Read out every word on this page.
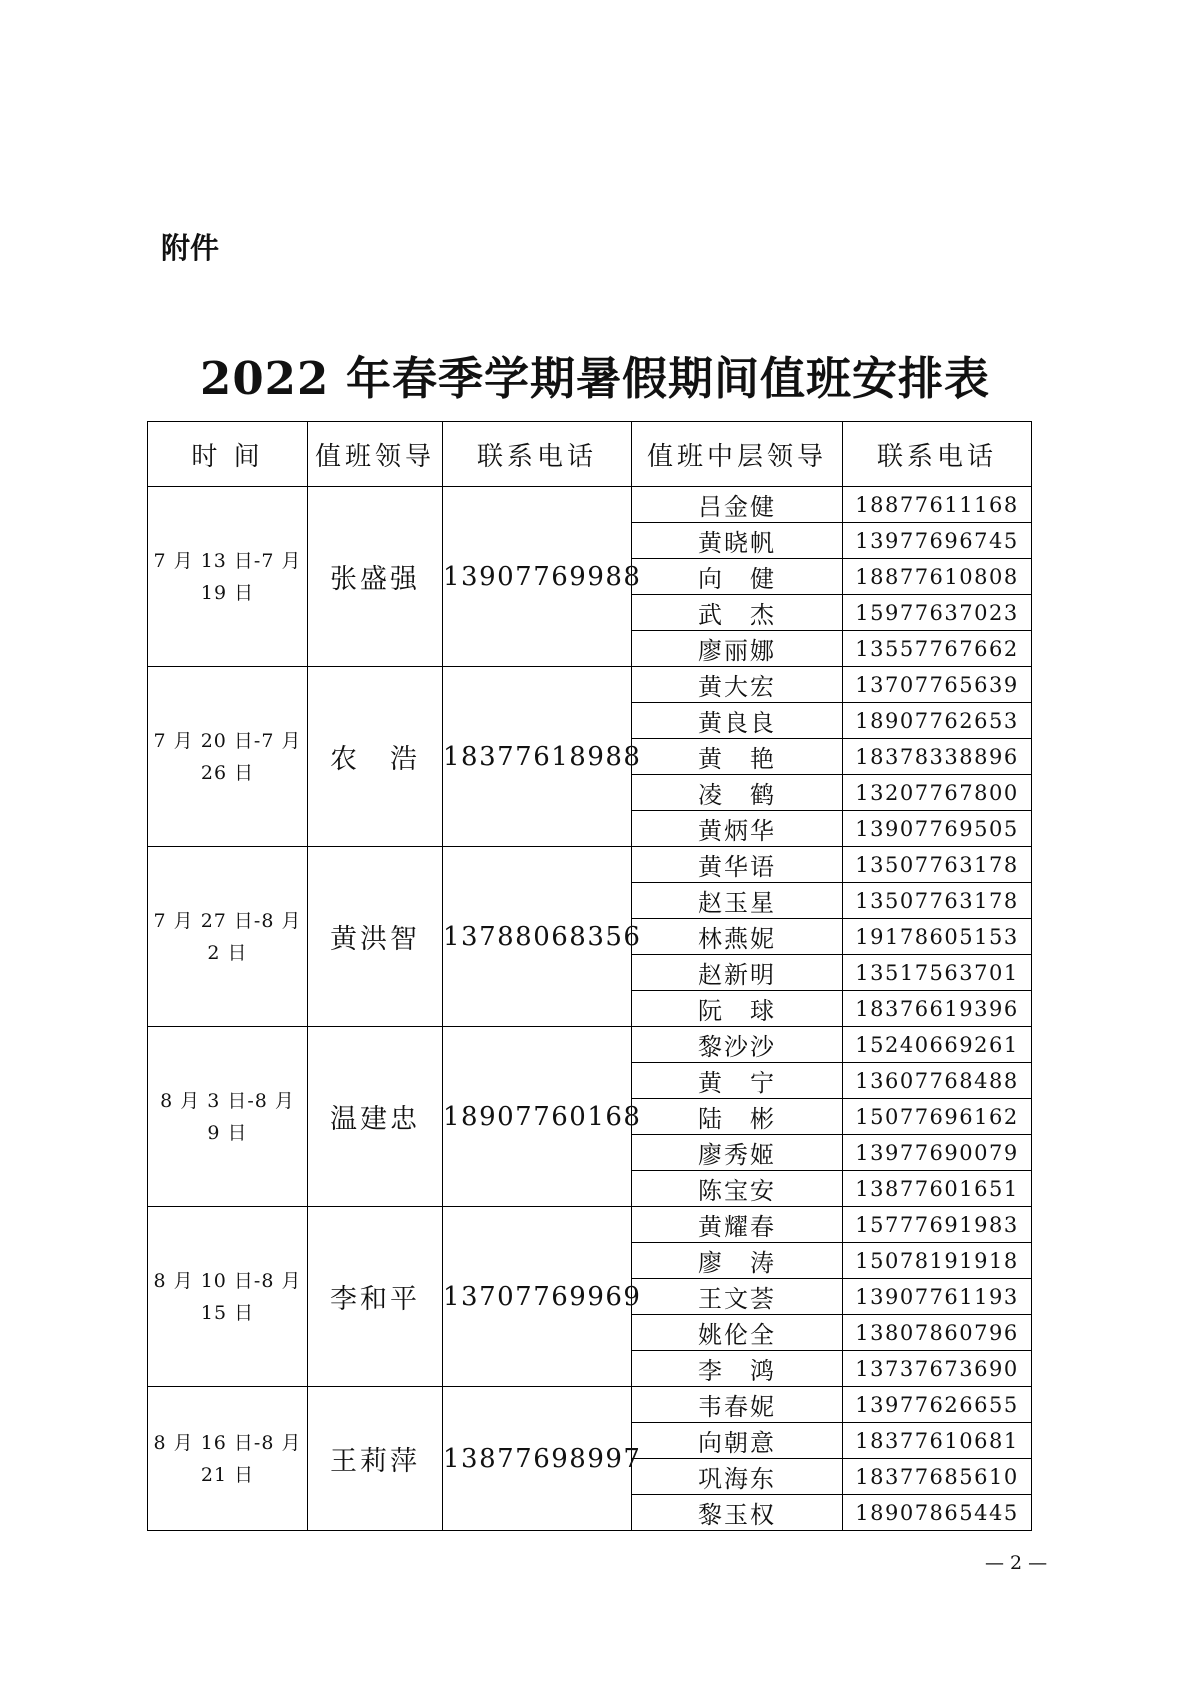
附件
2022 年春季学期暑假期间值班安排表
时 间	值班领导	联系电话	值班中层领导	联系电话

7 月 13 日-7 月
19 日	张盛强	13907769988	吕金健	18877611168
			黄晓帆	13977696745
			向　健	18877610808
			武　杰	15977637023
			廖丽娜	13557767662

7 月 20 日-7 月
26 日	农　浩	18377618988	黄大宏	13707765639
			黄良良	18907762653
			黄　艳	18378338896
			凌　鹤	13207767800
			黄炳华	13907769505

7 月 27 日-8 月
2 日	黄洪智	13788068356	黄华语	13507763178
			赵玉星	13507763178
			林燕妮	19178605153
			赵新明	13517563701
			阮　球	18376619396

8 月 3 日-8 月
9 日	温建忠	18907760168	黎沙沙	15240669261
			黄　宁	13607768488
			陆　彬	15077696162
			廖秀姬	13977690079
			陈宝安	13877601651

8 月 10 日-8 月
15 日	李和平	13707769969	黄耀春	15777691983
			廖　涛	15078191918
			王文荟	13907761193
			姚伦全	13807860796
			李　鸿	13737673690

8 月 16 日-8 月
21 日	王莉萍	13877698997	韦春妮	13977626655
			向朝意	18377610681
			巩海东	18377685610
			黎玉权	18907865445
— 2 —
